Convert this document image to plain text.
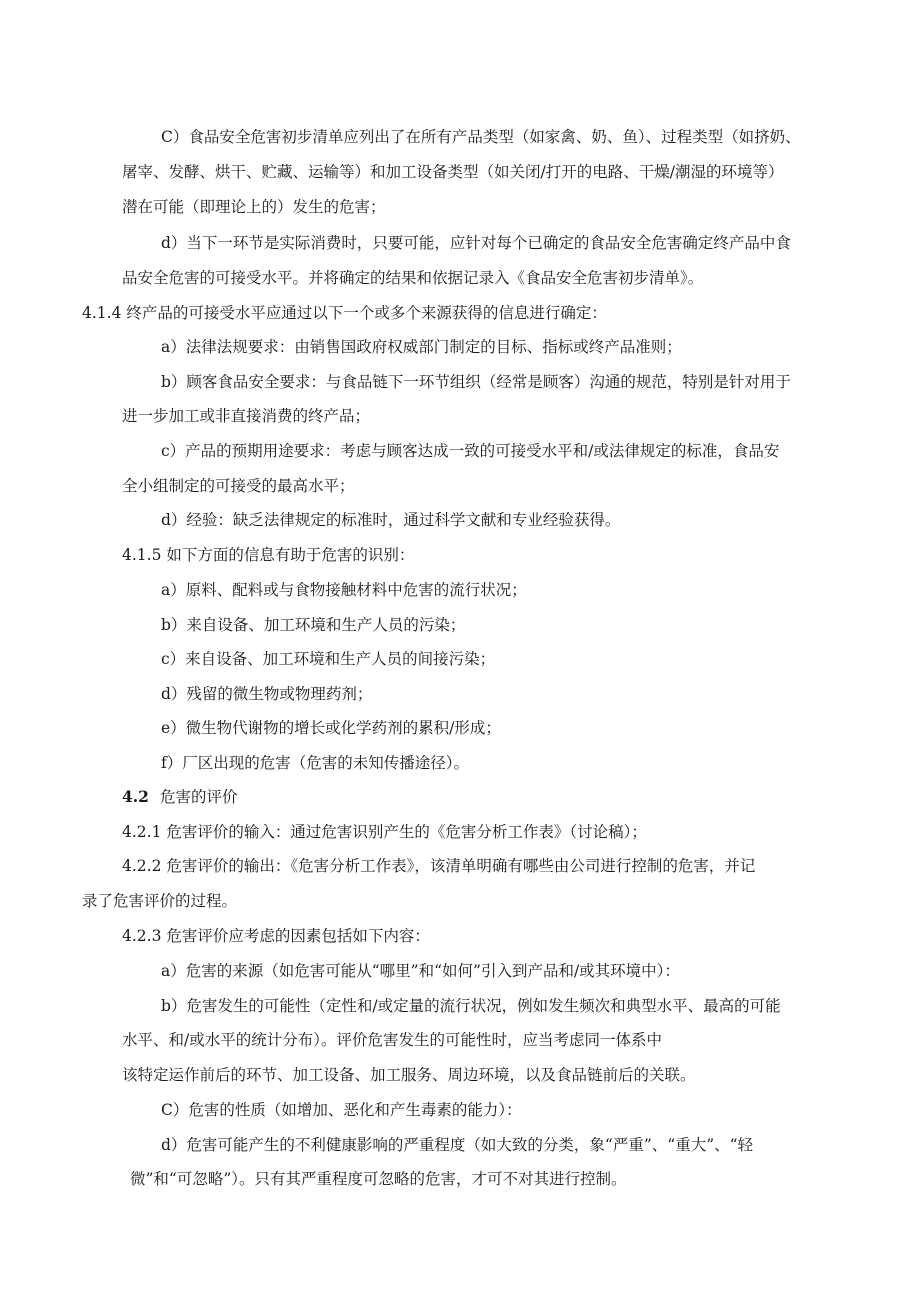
C）食品安全危害初步清单应列出了在所有产品类型（如家禽、奶、鱼）、过程类型（如挤奶、
屠宰、发酵、烘干、贮藏、运输等）和加工设备类型（如关闭/打开的电路、干燥/潮湿的环境等）
潜在可能（即理论上的）发生的危害；
d）当下一环节是实际消费时，只要可能，应针对每个已确定的食品安全危害确定终产品中食
品安全危害的可接受水平。并将确定的结果和依据记录入《食品安全危害初步清单》。
4.1.4 终产品的可接受水平应通过以下一个或多个来源获得的信息进行确定：
a）法律法规要求：由销售国政府权威部门制定的目标、指标或终产品准则；
b）顾客食品安全要求：与食品链下一环节组织（经常是顾客）沟通的规范，特别是针对用于
进一步加工或非直接消费的终产品；
c）产品的预期用途要求：考虑与顾客达成一致的可接受水平和/或法律规定的标准，食品安
全小组制定的可接受的最高水平；
d）经验：缺乏法律规定的标准时，通过科学文献和专业经验获得。
4.1.5 如下方面的信息有助于危害的识别：
a）原料、配料或与食物接触材料中危害的流行状况；
b）来自设备、加工环境和生产人员的污染；
c）来自设备、加工环境和生产人员的间接污染；
d）残留的微生物或物理药剂；
e）微生物代谢物的增长或化学药剂的累积/形成；
f）厂区出现的危害（危害的未知传播途径）。
4.2 危害的评价
4.2.1 危害评价的输入：通过危害识别产生的《危害分析工作表》（讨论稿）；
4.2.2 危害评价的输出：《危害分析工作表》，该清单明确有哪些由公司进行控制的危害，并记
录了危害评价的过程。
4.2.3 危害评价应考虑的因素包括如下内容：
a）危害的来源（如危害可能从“哪里”和“如何”引入到产品和/或其环境中）：
b）危害发生的可能性（定性和/或定量的流行状况，例如发生频次和典型水平、最高的可能
水平、和/或水平的统计分布）。评价危害发生的可能性时，应当考虑同一体系中
该特定运作前后的环节、加工设备、加工服务、周边环境，以及食品链前后的关联。
C）危害的性质（如增加、恶化和产生毒素的能力）：
d）危害可能产生的不利健康影响的严重程度（如大致的分类，象“严重”、“重大”、“轻
微”和“可忽略”）。只有其严重程度可忽略的危害，才可不对其进行控制。
